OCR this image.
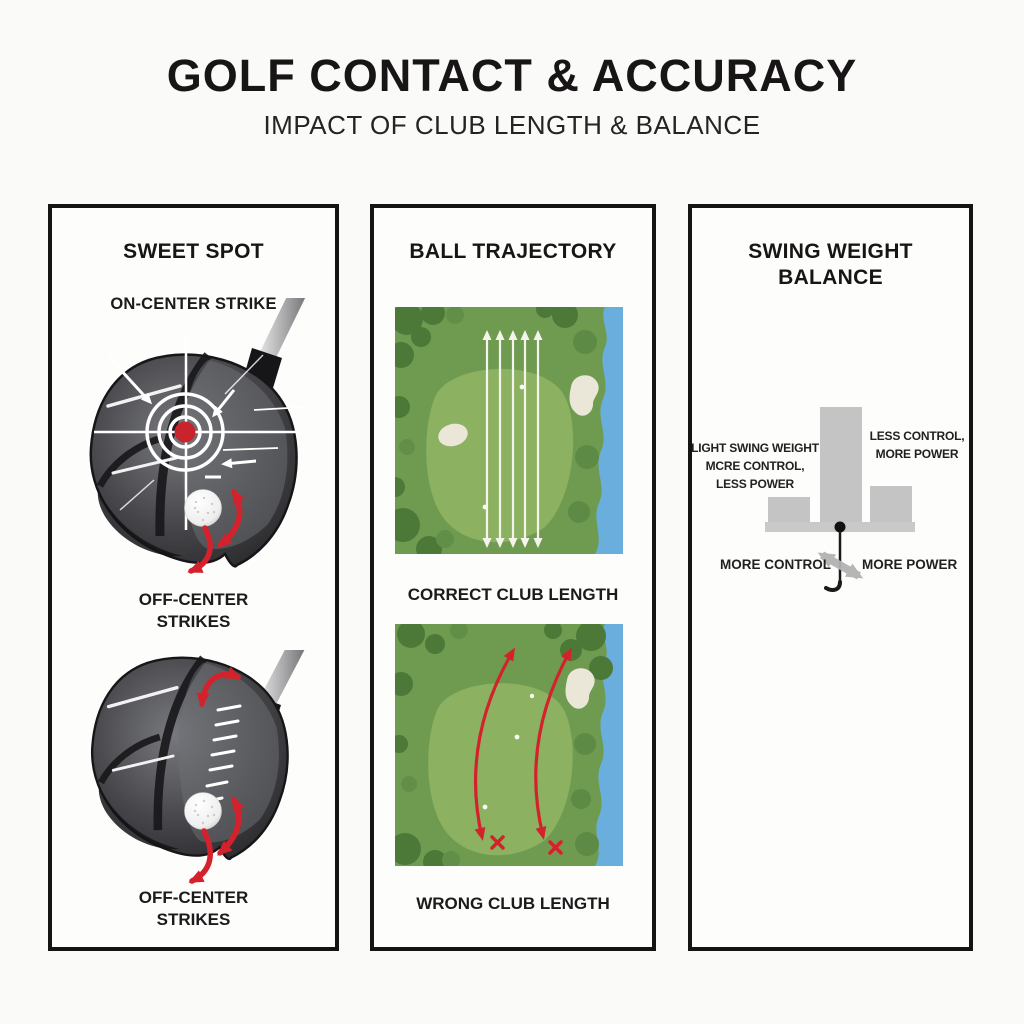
GOLF CONTACT & ACCURACY
IMPACT OF CLUB LENGTH & BALANCE
SWEET SPOT
ON-CENTER STRIKE
OFF-CENTER STRIKES
OFF-CENTER STRIKES
BALL TRAJECTORY
CORRECT CLUB LENGTH
WRONG CLUB LENGTH
SWING WEIGHT BALANCE
LIGHT SWING WEIGHT
MCRE CONTROL,
LESS POWER
LESS CONTROL,
MORE POWER
MORE CONTROL MORE POWER
